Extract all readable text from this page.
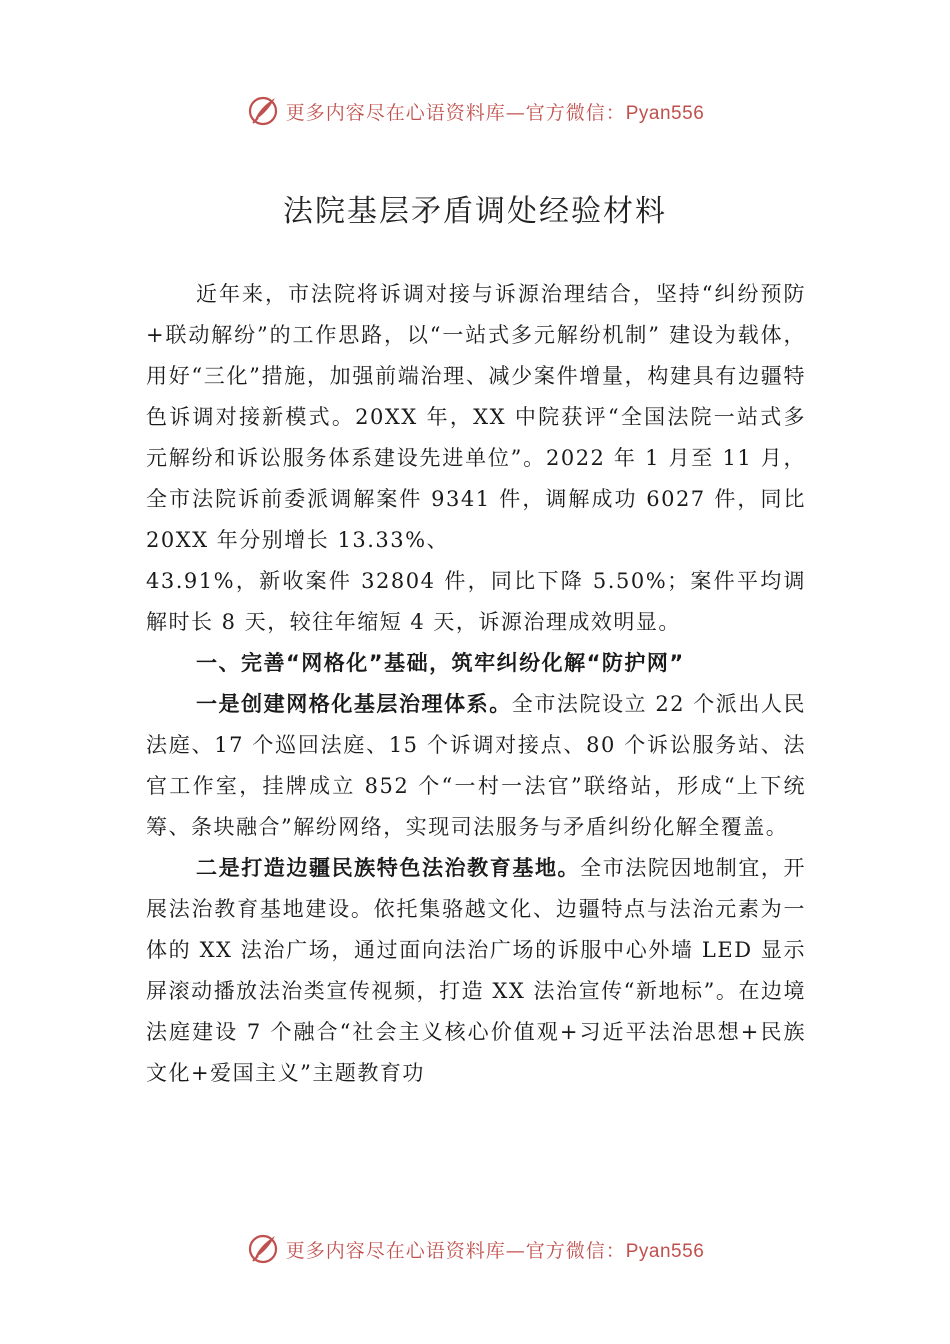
更多内容尽在心语资料库—官方微信：Pyan556
法院基层矛盾调处经验材料

近年来，市法院将诉调对接与诉源治理结合，坚持“纠纷预防+联动解纷”的工作思路，以“一站式多元解纷机制” 建设为载体，用好“三化”措施，加强前端治理、减少案件增量，构建具有边疆特色诉调对接新模式。20XX 年，XX 中院获评“全国法院一站式多元解纷和诉讼服务体系建设先进单位”。2022 年 1 月至 11 月，全市法院诉前委派调解案件 9341 件，调解成功 6027 件，同比 20XX 年分别增长 13.33%、

43.91%，新收案件 32804 件，同比下降 5.50%；案件平均调解时长 8 天，较往年缩短 4 天，诉源治理成效明显。

一、完善“网格化”基础，筑牢纠纷化解“防护网”

一是创建网格化基层治理体系。全市法院设立 22 个派出人民法庭、17 个巡回法庭、15 个诉调对接点、80 个诉讼服务站、法官工作室，挂牌成立 852 个“一村一法官”联络站，形成“上下统筹、条块融合”解纷网络，实现司法服务与矛盾纠纷化解全覆盖。

二是打造边疆民族特色法治教育基地。全市法院因地制宜，开展法治教育基地建设。依托集骆越文化、边疆特点与法治元素为一体的 XX 法治广场，通过面向法治广场的诉服中心外墙 LED 显示屏滚动播放法治类宣传视频，打造 XX 法治宣传“新地标”。在边境法庭建设 7 个融合“社会主义核心价值观+习近平法治思想+民族文化+爱国主义”主题教育功

更多内容尽在心语资料库—官方微信：Pyan556
